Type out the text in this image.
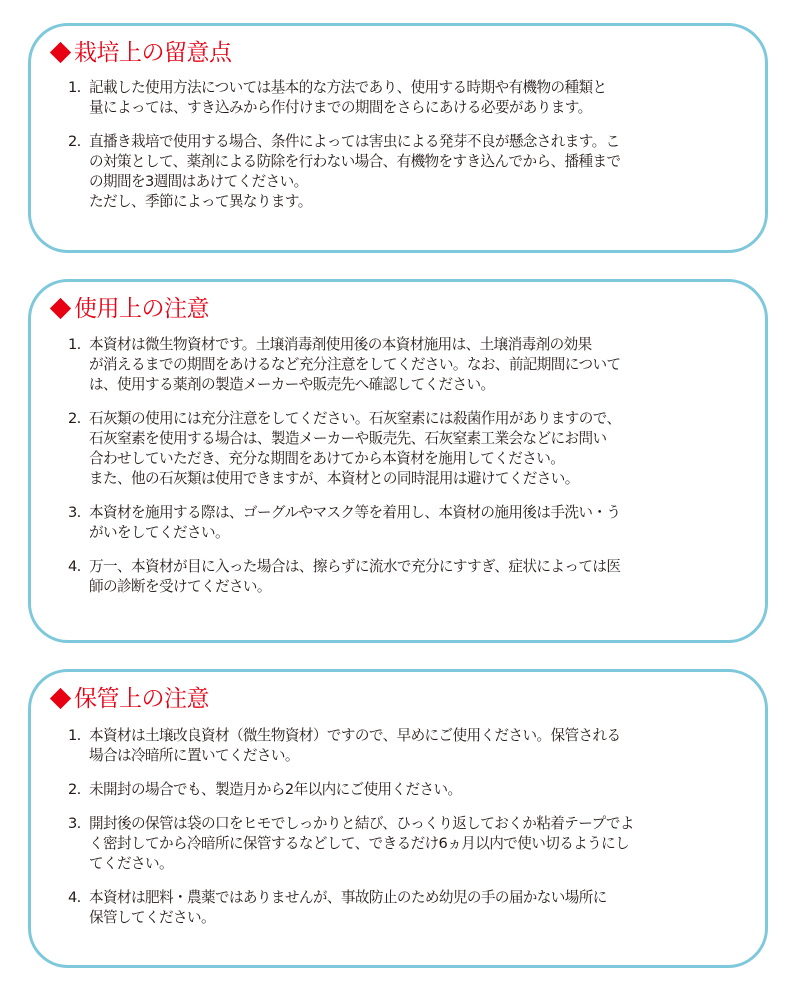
栽培上の留意点
1. 記載した使用方法については基本的な方法であり、使用する時期や有機物の種類と
量によっては、すき込みから作付けまでの期間をさらにあける必要があります。
2. 直播き栽培で使用する場合、条件によっては害虫による発芽不良が懸念されます。こ
の対策として、薬剤による防除を行わない場合、有機物をすき込んでから、播種まで
の期間を3週間はあけてください。
ただし、季節によって異なります。
使用上の注意
1. 本資材は微生物資材です。土壌消毒剤使用後の本資材施用は、土壌消毒剤の効果
が消えるまでの期間をあけるなど充分注意をしてください。なお、前記期間について
は、使用する薬剤の製造メーカーや販売先へ確認してください。
2. 石灰類の使用には充分注意をしてください。石灰窒素には殺菌作用がありますので、
石灰窒素を使用する場合は、製造メーカーや販売先、石灰窒素工業会などにお問い
合わせしていただき、充分な期間をあけてから本資材を施用してください。
また、他の石灰類は使用できますが、本資材との同時混用は避けてください。
3. 本資材を施用する際は、ゴーグルやマスク等を着用し、本資材の施用後は手洗い・う
がいをしてください。
4. 万一、本資材が目に入った場合は、擦らずに流水で充分にすすぎ、症状によっては医
師の診断を受けてください。
保管上の注意
1. 本資材は土壌改良資材（微生物資材）ですので、早めにご使用ください。保管される
場合は冷暗所に置いてください。
2. 未開封の場合でも、製造月から2年以内にご使用ください。
3. 開封後の保管は袋の口をヒモでしっかりと結び、ひっくり返しておくか粘着テープでよ
く密封してから冷暗所に保管するなどして、できるだけ6ヵ月以内で使い切るようにし
てください。
4. 本資材は肥料・農薬ではありませんが、事故防止のため幼児の手の届かない場所に
保管してください。
